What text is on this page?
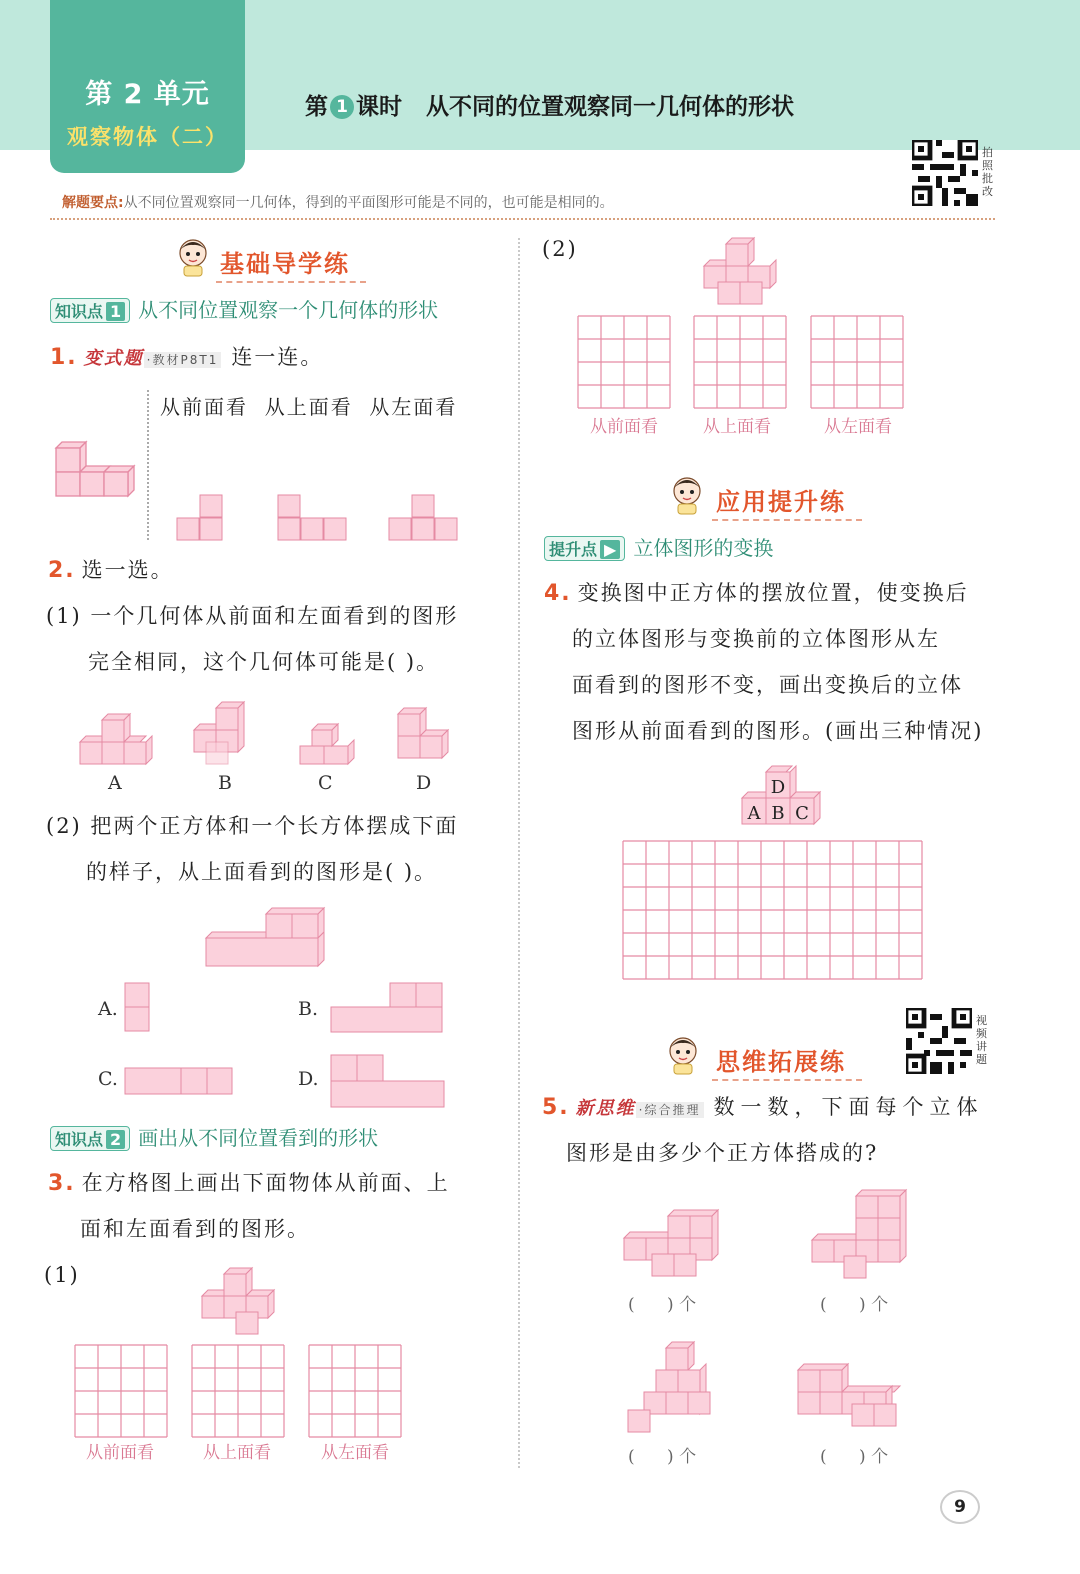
第 2 单元
观察物体（二）
第 1 课时 从不同的位置观察同一几何体的形状
拍照批改
解题要点:从不同位置观察同一几何体，得到的平面图形可能是不同的，也可能是相同的。
基础导学练
知识点 1 从不同位置观察一个几何体的形状
1. 变式题 ·教材P8T1 连一连。
从前面看  从上面看  从左面看
2. 选一选。
(1) 一个几何体从前面和左面看到的图形
完全相同，这个几何体可能是( )。
A	B	C	D
(2) 把两个正方体和一个长方体摆成下面
的样子，从上面看到的图形是( )。
A.	B.
C.	D.
知识点 2 画出从不同位置看到的形状
3. 在方格图上画出下面物体从前面、上
面和左面看到的图形。
(1)
从前面看	从上面看	从左面看
(2)
从前面看	从上面看	从左面看
应用提升练
提升点 ▶ 立体图形的变换
4. 变换图中正方体的摆放位置，使变换后
的立体图形与变换前的立体图形从左
面看到的图形不变，画出变换后的立体
图形从前面看到的图形。(画出三种情况)
D
A B C
视频讲题
思维拓展练
5. 新思维 ·综合推理 数一数，下面每个立体
图形是由多少个正方体搭成的?
(      ) 个	(      ) 个
(      ) 个	(      ) 个
9
